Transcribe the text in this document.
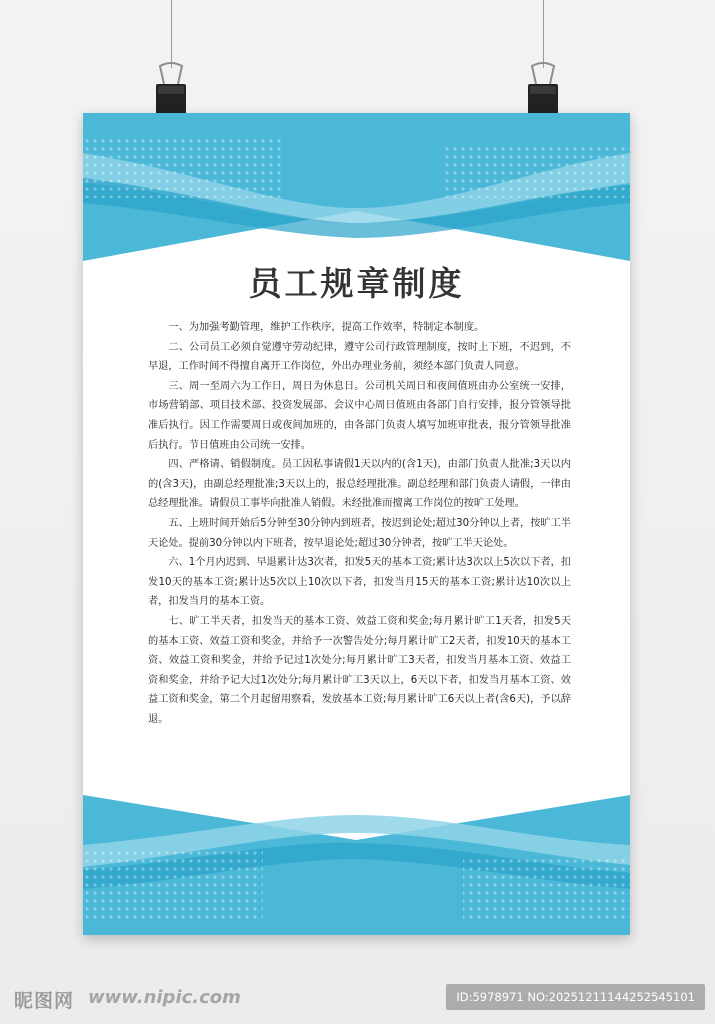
员工规章制度

一、为加强考勤管理，维护工作秩序，提高工作效率，特制定本制度。

二、公司员工必须自觉遵守劳动纪律，遵守公司行政管理制度，按时上下班，不迟到，不早退，工作时间不得擅自离开工作岗位，外出办理业务前，须经本部门负责人同意。

三、周一至周六为工作日，周日为休息日。公司机关周日和夜间值班由办公室统一安排，市场营销部、项目技术部、投资发展部、会议中心周日值班由各部门自行安排，报分管领导批准后执行。因工作需要周日或夜间加班的，由各部门负责人填写加班审批表，报分管领导批准后执行。节日值班由公司统一安排。

四、严格请、销假制度。员工因私事请假1天以内的(含1天)，由部门负责人批准;3天以内的(含3天)，由副总经理批准;3天以上的，报总经理批准。副总经理和部门负责人请假，一律由总经理批准。请假员工事毕向批准人销假。未经批准而擅离工作岗位的按旷工处理。

五、上班时间开始后5分钟至30分钟内到班者，按迟到论处;超过30分钟以上者，按旷工半天论处。提前30分钟以内下班者，按早退论处;超过30分钟者，按旷工半天论处。

六、1个月内迟到、早退累计达3次者，扣发5天的基本工资;累计达3次以上5次以下者，扣发10天的基本工资;累计达5次以上10次以下者，扣发当月15天的基本工资;累计达10次以上者，扣发当月的基本工资。

七、旷工半天者，扣发当天的基本工资、效益工资和奖金;每月累计旷工1天者，扣发5天的基本工资、效益工资和奖金，并给予一次警告处分;每月累计旷工2天者，扣发10天的基本工资、效益工资和奖金，并给予记过1次处分;每月累计旷工3天者，扣发当月基本工资、效益工资和奖金，并给予记大过1次处分;每月累计旷工3天以上，6天以下者，扣发当月基本工资、效益工资和奖金，第二个月起留用察看，发放基本工资;每月累计旷工6天以上者(含6天)，予以辞退。

昵图网 www.nipic.com	ID:5978971 NO:20251211144252545101
